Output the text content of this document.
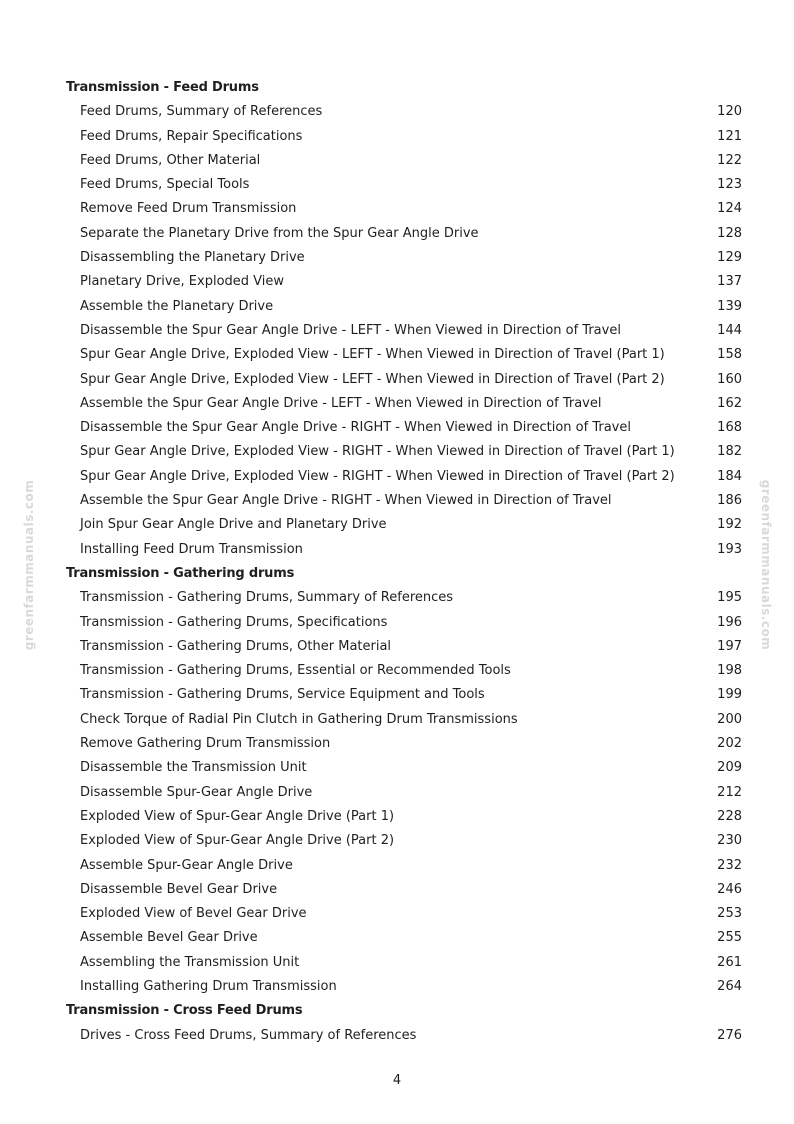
greenfarmmanuals.com	greenfarmmanuals.com
Transmission - Feed Drums
Feed Drums, Summary of References	120
Feed Drums, Repair Specifications	121
Feed Drums, Other Material	122
Feed Drums, Special Tools	123
Remove Feed Drum Transmission	124
Separate the Planetary Drive from the Spur Gear Angle Drive	128
Disassembling the Planetary Drive	129
Planetary Drive, Exploded View	137
Assemble the Planetary Drive	139
Disassemble the Spur Gear Angle Drive - LEFT - When Viewed in Direction of Travel	144
Spur Gear Angle Drive, Exploded View - LEFT - When Viewed in Direction of Travel (Part 1)	158
Spur Gear Angle Drive, Exploded View - LEFT - When Viewed in Direction of Travel (Part 2)	160
Assemble the Spur Gear Angle Drive - LEFT - When Viewed in Direction of Travel	162
Disassemble the Spur Gear Angle Drive - RIGHT - When Viewed in Direction of Travel	168
Spur Gear Angle Drive, Exploded View - RIGHT - When Viewed in Direction of Travel (Part 1)	182
Spur Gear Angle Drive, Exploded View - RIGHT - When Viewed in Direction of Travel (Part 2)	184
Assemble the Spur Gear Angle Drive - RIGHT - When Viewed in Direction of Travel	186
Join Spur Gear Angle Drive and Planetary Drive	192
Installing Feed Drum Transmission	193
Transmission - Gathering drums
Transmission - Gathering Drums, Summary of References	195
Transmission - Gathering Drums, Specifications	196
Transmission - Gathering Drums, Other Material	197
Transmission - Gathering Drums, Essential or Recommended Tools	198
Transmission - Gathering Drums, Service Equipment and Tools	199
Check Torque of Radial Pin Clutch in Gathering Drum Transmissions	200
Remove Gathering Drum Transmission	202
Disassemble the Transmission Unit	209
Disassemble Spur-Gear Angle Drive	212
Exploded View of Spur-Gear Angle Drive (Part 1)	228
Exploded View of Spur-Gear Angle Drive (Part 2)	230
Assemble Spur-Gear Angle Drive	232
Disassemble Bevel Gear Drive	246
Exploded View of Bevel Gear Drive	253
Assemble Bevel Gear Drive	255
Assembling the Transmission Unit	261
Installing Gathering Drum Transmission	264
Transmission - Cross Feed Drums
Drives - Cross Feed Drums, Summary of References	276
4
